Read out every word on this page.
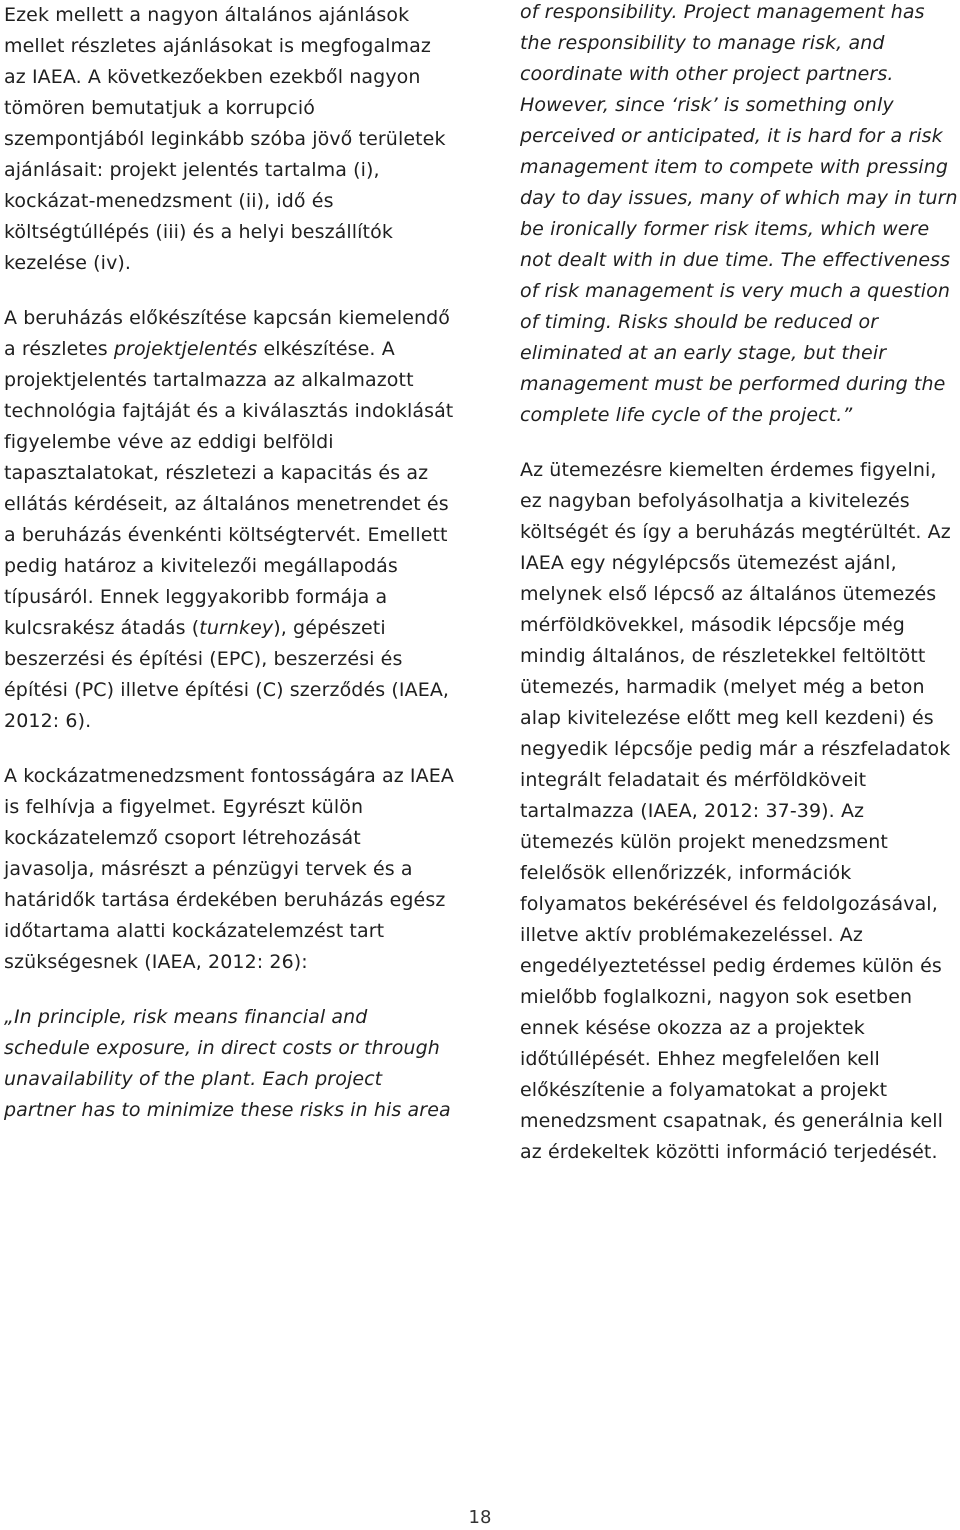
Ezek mellett a nagyon általános ajánlások mellet részletes ajánlásokat is megfogalmaz az IAEA. A következőekben ezekből nagyon tömören bemutatjuk a korrupció szempontjából leginkább szóba jövő területek ajánlásait: projekt jelentés tartalma (i), kockázat-menedzsment (ii), idő és költségtúllépés (iii) és a helyi beszállítók kezelése (iv).

A beruházás előkészítése kapcsán kiemelendő a részletes projektjelentés elkészítése. A projektjelentés tartalmazza az alkalmazott technológia fajtáját és a kiválasztás indoklását figyelembe véve az eddigi belföldi tapasztalatokat, részletezi a kapacitás és az ellátás kérdéseit, az általános menetrendet és a beruházás évenkénti költségtervét. Emellett pedig határoz a kivitelezői megállapodás típusáról. Ennek leggyakoribb formája a kulcsrakész átadás (turnkey), gépészeti beszerzési és építési (EPC), beszerzési és építési (PC) illetve építési (C) szerződés (IAEA, 2012: 6).

A kockázatmenedzsment fontosságára az IAEA is felhívja a figyelmet. Egyrészt külön kockázatelemző csoport létrehozását javasolja, másrészt a pénzügyi tervek és a határidők tartása érdekében beruházás egész időtartama alatti kockázatelemzést tart szükségesnek (IAEA, 2012: 26):

„In principle, risk means financial and schedule exposure, in direct costs or through unavailability of the plant. Each project partner has to minimize these risks in his area

of responsibility. Project management has the responsibility to manage risk, and coordinate with other project partners. However, since ‘risk’ is something only perceived or anticipated, it is hard for a risk management item to compete with pressing day to day issues, many of which may in turn be ironically former risk items, which were not dealt with in due time. The effectiveness of risk management is very much a question of timing. Risks should be reduced or eliminated at an early stage, but their management must be performed during the complete life cycle of the project.”

Az ütemezésre kiemelten érdemes figyelni, ez nagyban befolyásolhatja a kivitelezés költségét és így a beruházás megtérültét. Az IAEA egy négylépcsős ütemezést ajánl, melynek első lépcső az általános ütemezés mérföldkövekkel, második lépcsője még mindig általános, de részletekkel feltöltött ütemezés, harmadik (melyet még a beton alap kivitelezése előtt meg kell kezdeni) és negyedik lépcsője pedig már a részfeladatok integrált feladatait és mérföldköveit tartalmazza (IAEA, 2012: 37-39). Az ütemezés külön projekt menedzsment felelősök ellenőrizzék, információk folyamatos bekérésével és feldolgozásával, illetve aktív problémakezeléssel. Az engedélyeztetéssel pedig érdemes külön és mielőbb foglalkozni, nagyon sok esetben ennek késése okozza az a projektek időtúllépését. Ehhez megfelelően kell előkészítenie a folyamatokat a projekt menedzsment csapatnak, és generálnia kell az érdekeltek közötti információ terjedését.

18
